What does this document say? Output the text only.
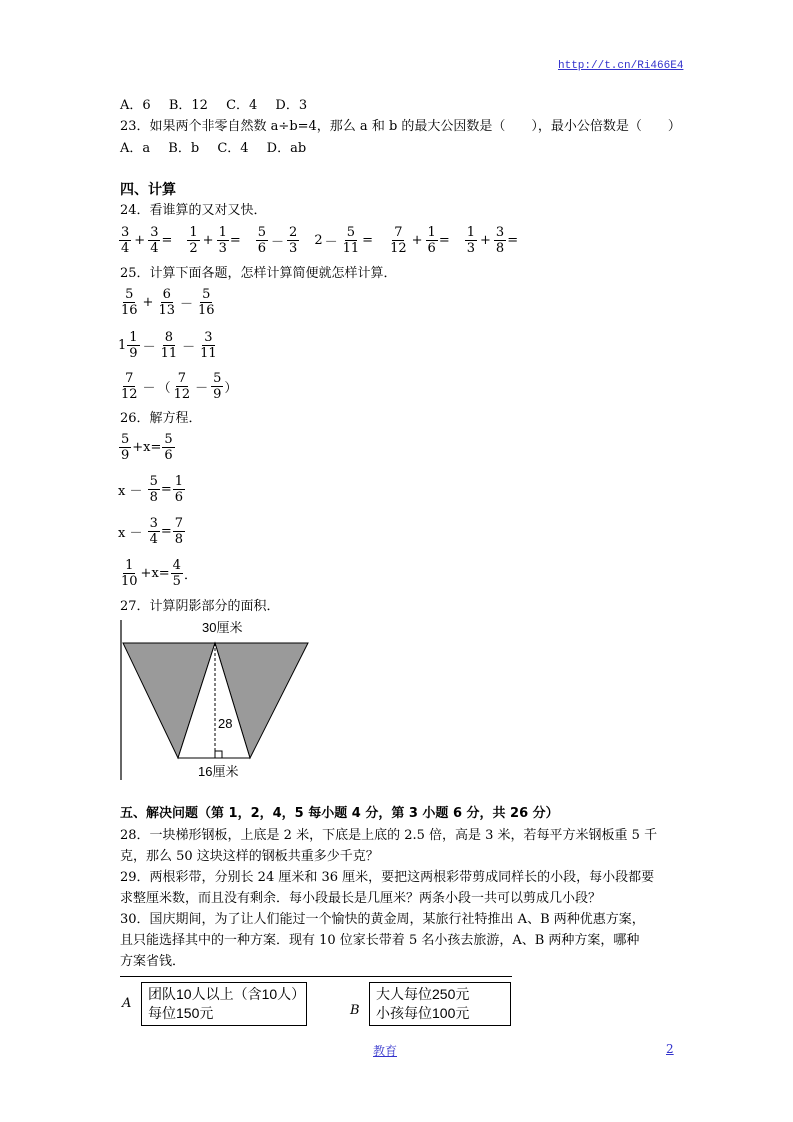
http://t.cn/Ri466E4
A．6 B．12 C．4 D．3
23．如果两个非零自然数 a÷b=4，那么 a 和 b 的最大公因数是（　　），最小公倍数是（　　）
A．a B．b C．4 D．ab
四、计算
24．看谁算的又对又快．
3
4
+ $\frac{3}{4}$ =
1
2
+ $\frac{1}{3}$ =
5
6 －
2
3
$2 - \frac{5}{11}$ =
7
12
+ $\frac{1}{6}$ =
1
3
+ $\frac{3}{8}$ =
25．计算下面各题，怎样计算简便就怎样计算．
5
16
+ $\frac{6}{13}$ －
5
16
1
1
9 －
8
11 －
3
11
7
12 － （
7
12 －
5
9 ）
26．解方程．
5
9
$+x= \frac{5}{6}$
x －
$\frac{5}{8} = \frac{1}{6}$
x －
$\frac{3}{4} = \frac{7}{8}$
1
10
$+x= \frac{4}{5}$ ．
27．计算阴影部分的面积．
30厘米
28
16厘米
五、解决问题（第 1，2，4，5 每小题 4 分，第 3 小题 6 分，共 26 分）
28．一块梯形钢板，上底是 2 米，下底是上底的 2.5 倍，高是 3 米，若每平方米钢板重 5 千
克，那么 50 这块这样的钢板共重多少千克？
29．两根彩带，分别长 24 厘米和 36 厘米，要把这两根彩带剪成同样长的小段，每小段都要
求整厘米数，而且没有剩余．每小段最长是几厘米？两条小段一共可以剪成几小段？
30．国庆期间，为了让人们能过一个愉快的黄金周，某旅行社特推出 A、B 两种优惠方案，
且只能选择其中的一种方案．现有 10 位家长带着 5 名小孩去旅游，A、B 两种方案，哪种
方案省钱．
A
团队10人以上（含10人）
每位150元	B
大人每位250元
小孩每位100元
教育	2
